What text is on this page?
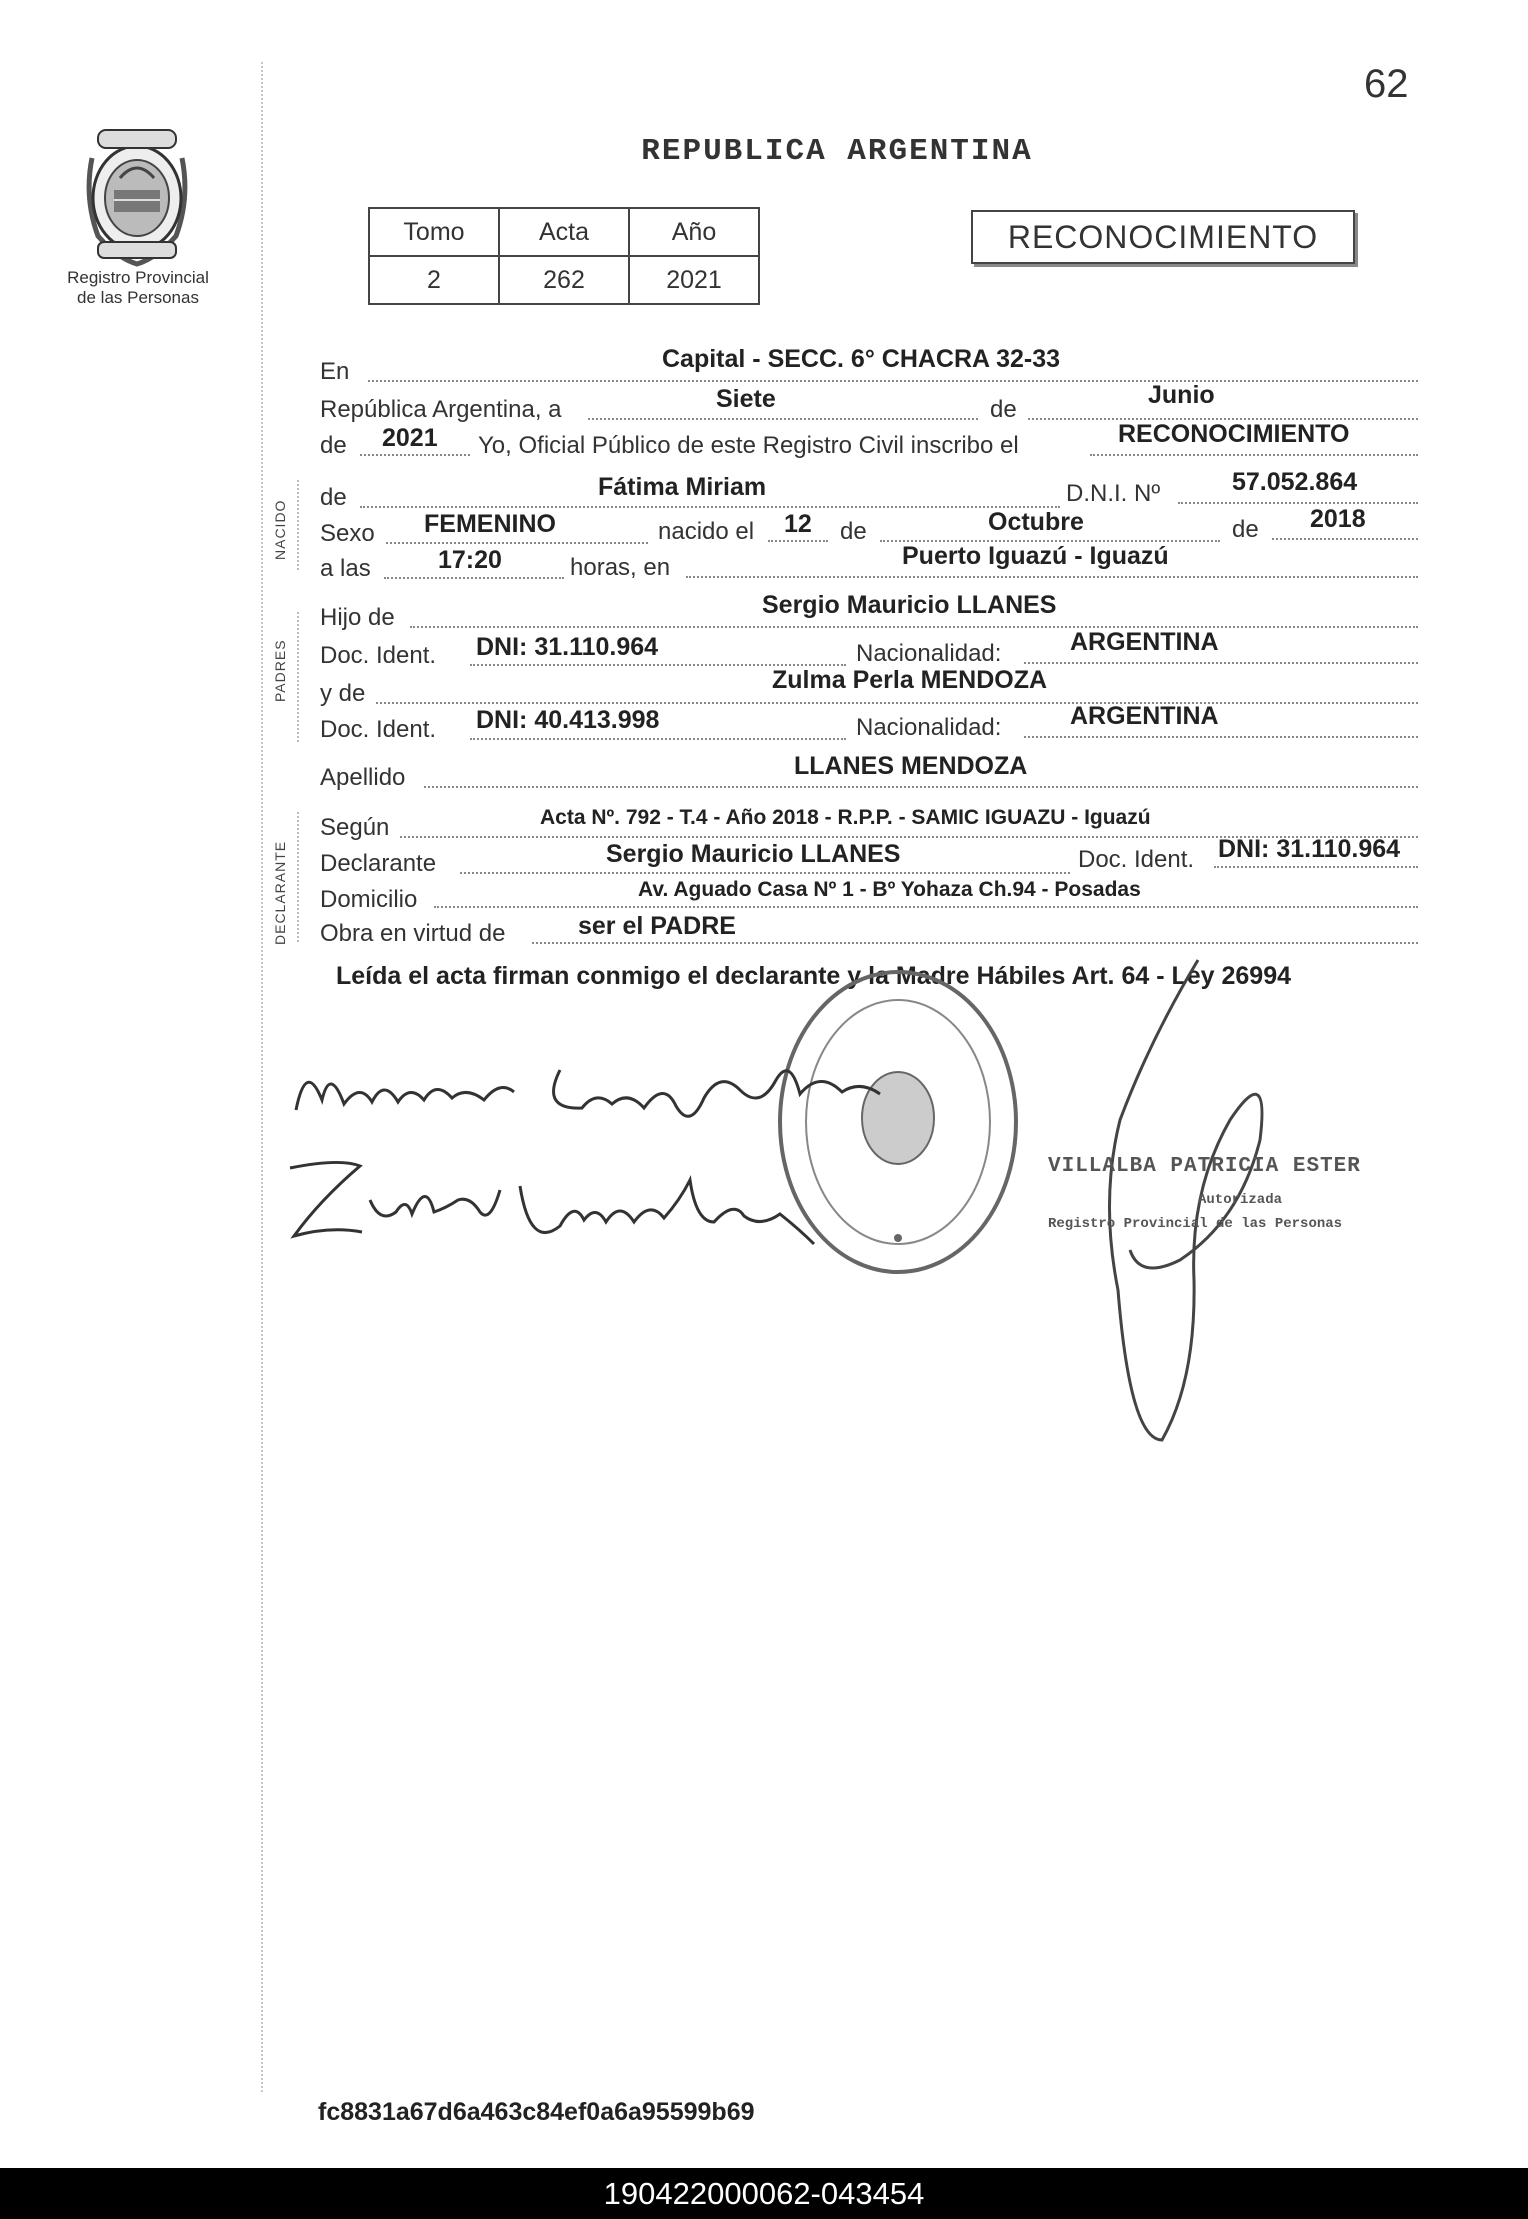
62
Registro Provincial
de las Personas
REPUBLICA ARGENTINA
Tomo	Acta	Año
2	262	2021
RECONOCIMIENTO
NACIDO
PADRES
DECLARANTE
En	Capital - SECC. 6° CHACRA 32-33
República Argentina, a	Siete	de
Junio
de 2021 Yo, Oficial Público de este Registro Civil inscribo el	RECONOCIMIENTO
de	Fátima Miriam	D.N.I. Nº	57.052.864
Sexo FEMENINO	nacido el 12 de	Octubre	de 2018
a las	17:20	horas, en	Puerto Iguazú - Iguazú
Hijo de	Sergio Mauricio LLANES
Doc. Ident. DNI: 31.110.964	Nacionalidad:	ARGENTINA
y de	Zulma Perla MENDOZA
Doc. Ident. DNI: 40.413.998	Nacionalidad:	ARGENTINA
Apellido	LLANES MENDOZA
Según	Acta Nº. 792 - T.4 - Año 2018 - R.P.P. - SAMIC IGUAZU - Iguazú
Declarante	Sergio Mauricio LLANES	Doc. Ident. DNI: 31.110.964
Domicilio	Av. Aguado Casa Nº 1 - Bº Yohaza Ch.94 - Posadas
Obra en virtud de	ser el PADRE
Leída el acta firman conmigo el declarante y la Madre Hábiles Art. 64 - Ley 26994
VILLALBA PATRICIA ESTER
Autorizada
Registro Provincial de las Personas
fc8831a67d6a463c84ef0a6a95599b69
190422000062-043454
